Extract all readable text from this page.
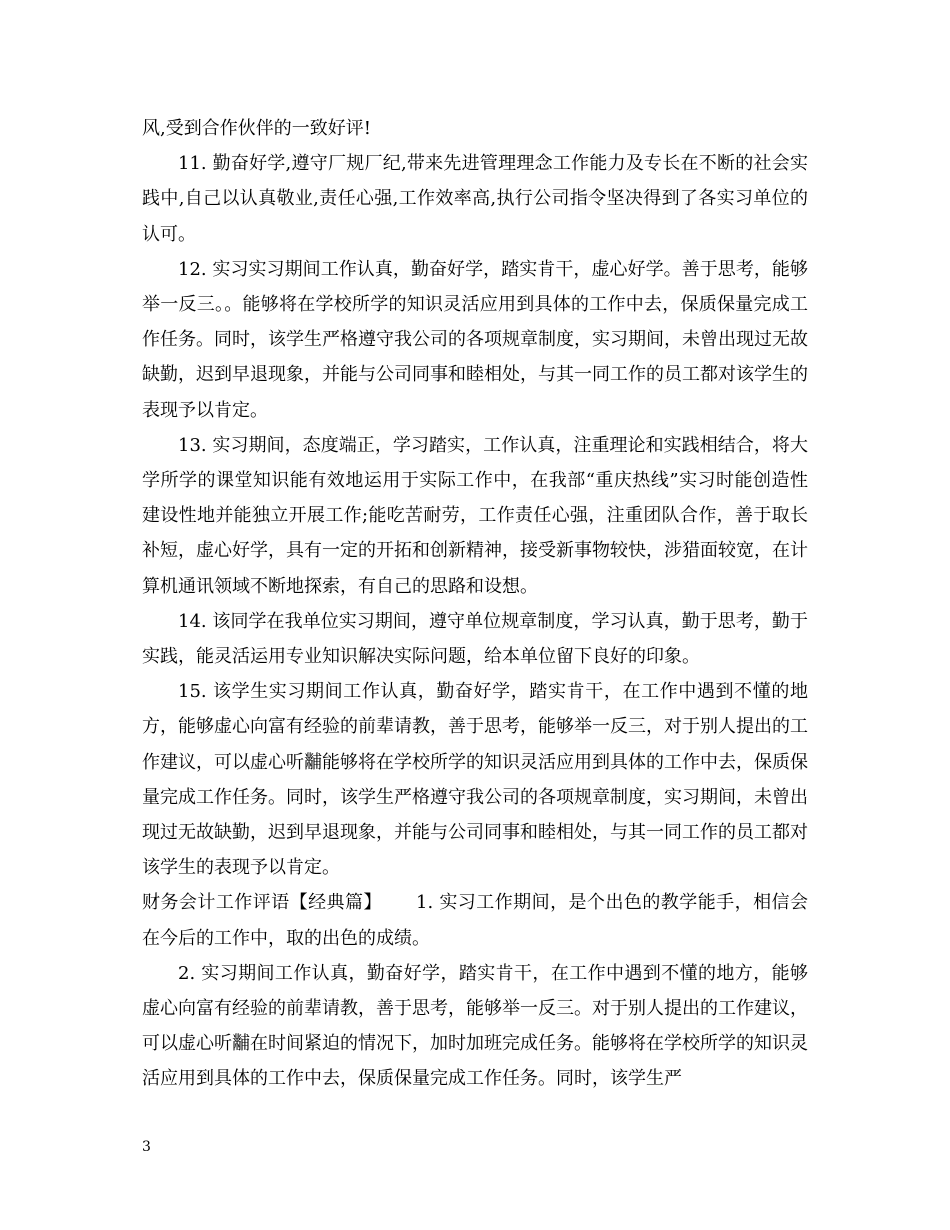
风,受到合作伙伴的一致好评!

11. 勤奋好学,遵守厂规厂纪,带来先进管理理念工作能力及专长在不断的社会实践中,自己以认真敬业,责任心强,工作效率高,执行公司指令坚决得到了各实习单位的认可。

12. 实习实习期间工作认真，勤奋好学，踏实肯干，虚心好学。善于思考，能够举一反三。。能够将在学校所学的知识灵活应用到具体的工作中去，保质保量完成工作任务。同时，该学生严格遵守我公司的各项规章制度，实习期间，未曾出现过无故缺勤，迟到早退现象，并能与公司同事和睦相处，与其一同工作的员工都对该学生的表现予以肯定。

13. 实习期间，态度端正，学习踏实，工作认真，注重理论和实践相结合，将大学所学的课堂知识能有效地运用于实际工作中，在我部“重庆热线”实习时能创造性建设性地并能独立开展工作;能吃苦耐劳，工作责任心强，注重团队合作，善于取长补短，虚心好学，具有一定的开拓和创新精神，接受新事物较快，涉猎面较宽，在计算机通讯领域不断地探索，有自己的思路和设想。

14. 该同学在我单位实习期间，遵守单位规章制度，学习认真，勤于思考，勤于实践，能灵活运用专业知识解决实际问题，给本单位留下良好的印象。

15. 该学生实习期间工作认真，勤奋好学，踏实肯干，在工作中遇到不懂的地方，能够虚心向富有经验的前辈请教，善于思考，能够举一反三，对于别人提出的工作建议，可以虚心听黼能够将在学校所学的知识灵活应用到具体的工作中去，保质保量完成工作任务。同时，该学生严格遵守我公司的各项规章制度，实习期间，未曾出现过无故缺勤，迟到早退现象，并能与公司同事和睦相处，与其一同工作的员工都对该学生的表现予以肯定。

财务会计工作评语【经典篇】　　 1. 实习工作期间，是个出色的教学能手，相信会在今后的工作中，取的出色的成绩。

2. 实习期间工作认真，勤奋好学，踏实肯干，在工作中遇到不懂的地方，能够虚心向富有经验的前辈请教，善于思考，能够举一反三。对于别人提出的工作建议，可以虚心听黼在时间紧迫的情况下，加时加班完成任务。能够将在学校所学的知识灵活应用到具体的工作中去，保质保量完成工作任务。同时，该学生严

3
